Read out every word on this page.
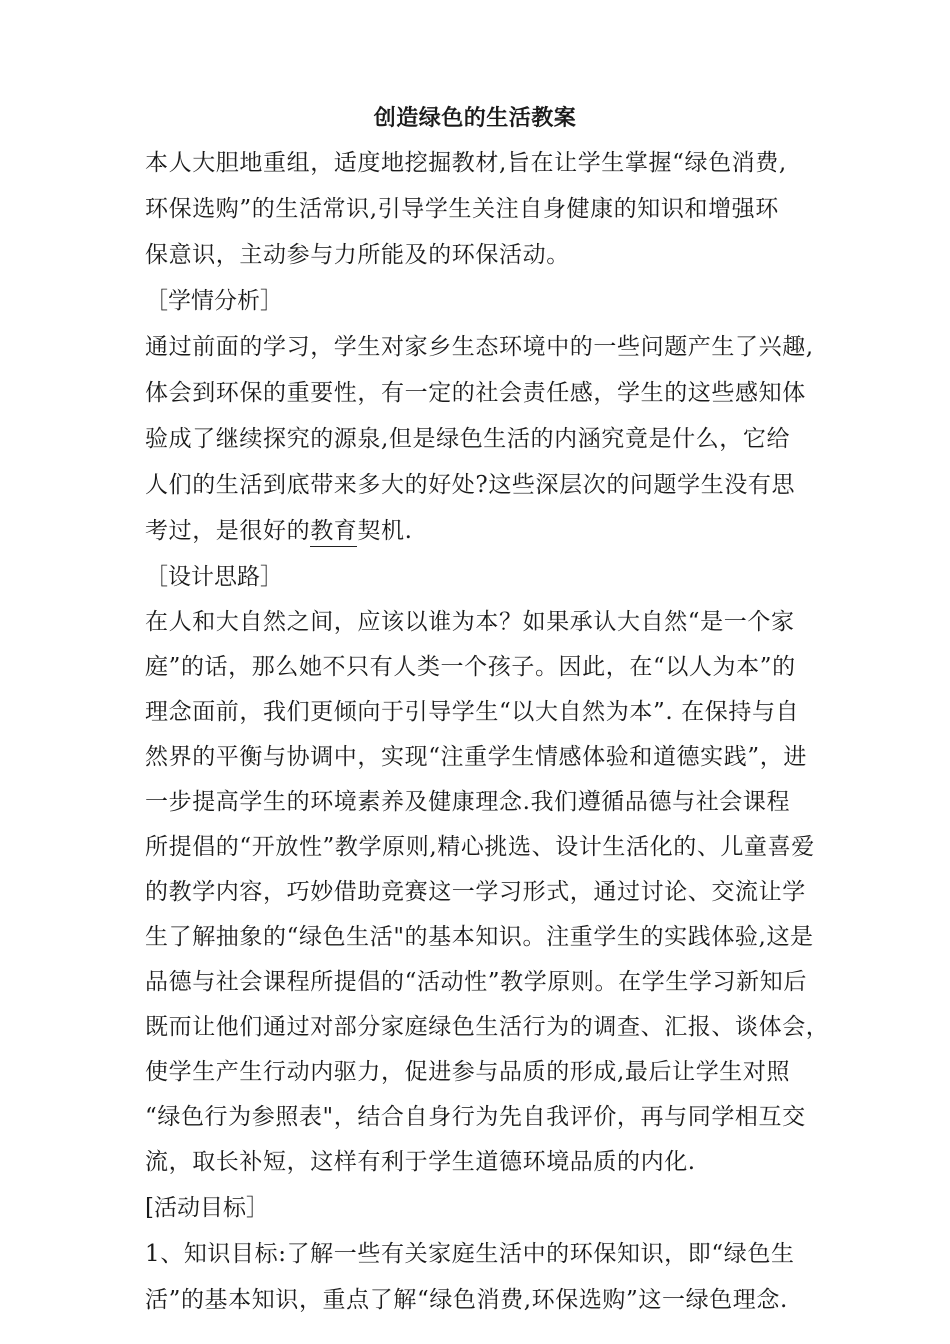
创造绿色的生活教案
本人大胆地重组，适度地挖掘教材,旨在让学生掌握“绿色消费,
环保选购”的生活常识,引导学生关注自身健康的知识和增强环
保意识，主动参与力所能及的环保活动。
［学情分析］
通过前面的学习，学生对家乡生态环境中的一些问题产生了兴趣,
体会到环保的重要性，有一定的社会责任感，学生的这些感知体
验成了继续探究的源泉,但是绿色生活的内涵究竟是什么，它给
人们的生活到底带来多大的好处?这些深层次的问题学生没有思
考过，是很好的教育契机.
［设计思路］
在人和大自然之间，应该以谁为本？如果承认大自然“是一个家
庭”的话，那么她不只有人类一个孩子。因此，在“以人为本”的
理念面前，我们更倾向于引导学生“以大自然为本”. 在保持与自
然界的平衡与协调中，实现“注重学生情感体验和道德实践”，进
一步提高学生的环境素养及健康理念.我们遵循品德与社会课程
所提倡的“开放性”教学原则,精心挑选、设计生活化的、儿童喜爱
的教学内容，巧妙借助竞赛这一学习形式，通过讨论、交流让学
生了解抽象的“绿色生活"的基本知识。注重学生的实践体验,这是
品德与社会课程所提倡的“活动性”教学原则。在学生学习新知后
既而让他们通过对部分家庭绿色生活行为的调查、汇报、谈体会，
使学生产生行动内驱力，促进参与品质的形成,最后让学生对照
“绿色行为参照表"，结合自身行为先自我评价，再与同学相互交
流，取长补短，这样有利于学生道德环境品质的内化.
[活动目标］
1、知识目标:了解一些有关家庭生活中的环保知识，即“绿色生
活”的基本知识，重点了解“绿色消费,环保选购”这一绿色理念.
